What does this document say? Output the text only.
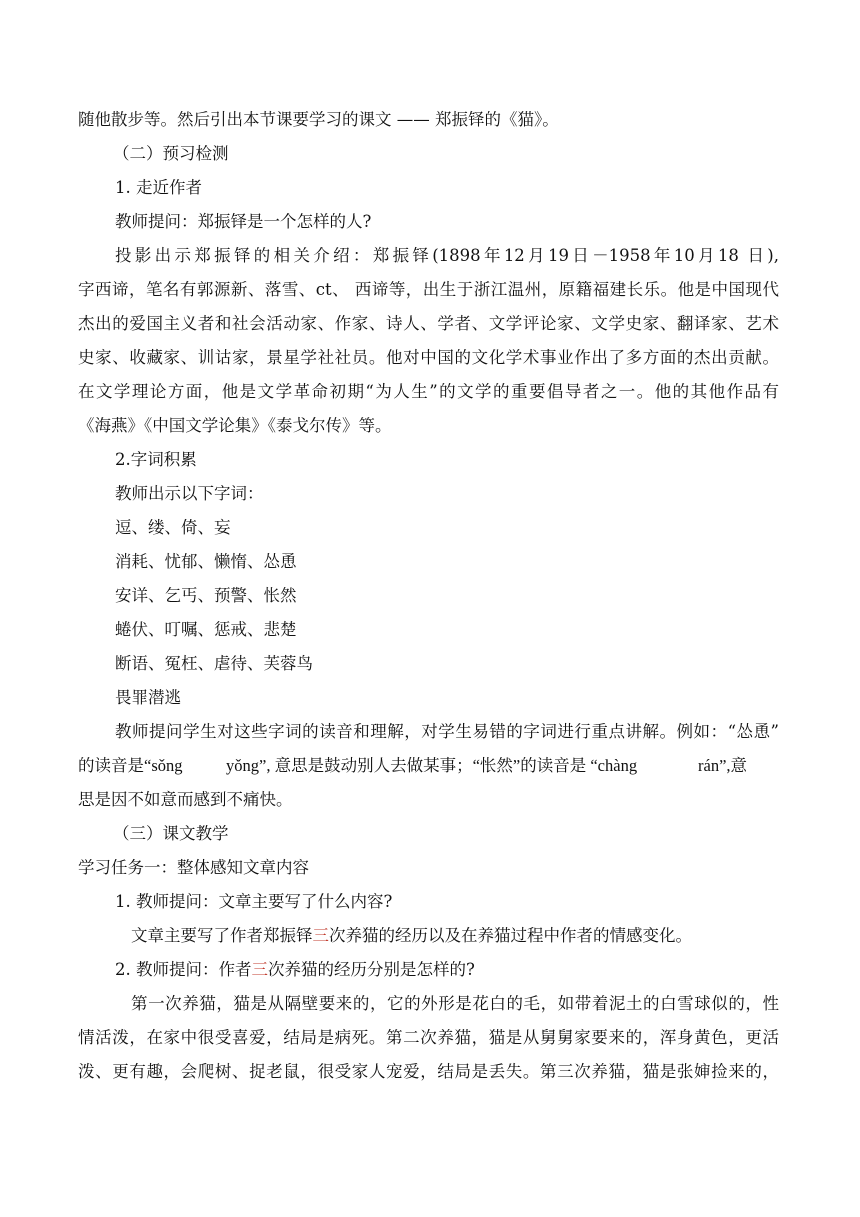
随他散步等。然后引出本节课要学习的课文 —— 郑振铎的《猫》。
（二）预习检测
1. 走近作者
教师提问：郑振铎是一个怎样的人?
投影出示郑振铎的相关介绍：郑振铎(1898年12月19日－1958年10月18 日),
字西谛，笔名有郭源新、落雪、ct、 西谛等，出生于浙江温州，原籍福建长乐。他是中国现代
杰出的爱国主义者和社会活动家、作家、诗人、学者、文学评论家、文学史家、翻译家、艺术
史家、收藏家、训诂家，景星学社社员。他对中国的文化学术事业作出了多方面的杰出贡献。
在文学理论方面，他是文学革命初期“为人生”的文学的重要倡导者之一。他的其他作品有
《海燕》《中国文学论集》《泰戈尔传》等。
2.字词积累
教师出示以下字词：
逗、缕、倚、妄
消耗、忧郁、懒惰、怂恿
安详、乞丐、预警、怅然
蜷伏、叮嘱、惩戒、悲楚
断语、冤枉、虐待、芙蓉鸟
畏罪潜逃
教师提问学生对这些字词的读音和理解，对学生易错的字词进行重点讲解。例如：“怂恿”
的读音是“sǒng	yǒng”, 意思是鼓动别人去做某事；“怅然”的读音是 “chàng	rán”,意
思是因不如意而感到不痛快。
（三）课文教学
学习任务一：整体感知文章内容
1. 教师提问：文章主要写了什么内容?
文章主要写了作者郑振铎三次养猫的经历以及在养猫过程中作者的情感变化。
2. 教师提问：作者三次养猫的经历分别是怎样的?
第一次养猫，猫是从隔壁要来的，它的外形是花白的毛，如带着泥土的白雪球似的，性
情活泼，在家中很受喜爱，结局是病死。第二次养猫，猫是从舅舅家要来的，浑身黄色，更活
泼、更有趣，会爬树、捉老鼠，很受家人宠爱，结局是丢失。第三次养猫，猫是张婶捡来的，
